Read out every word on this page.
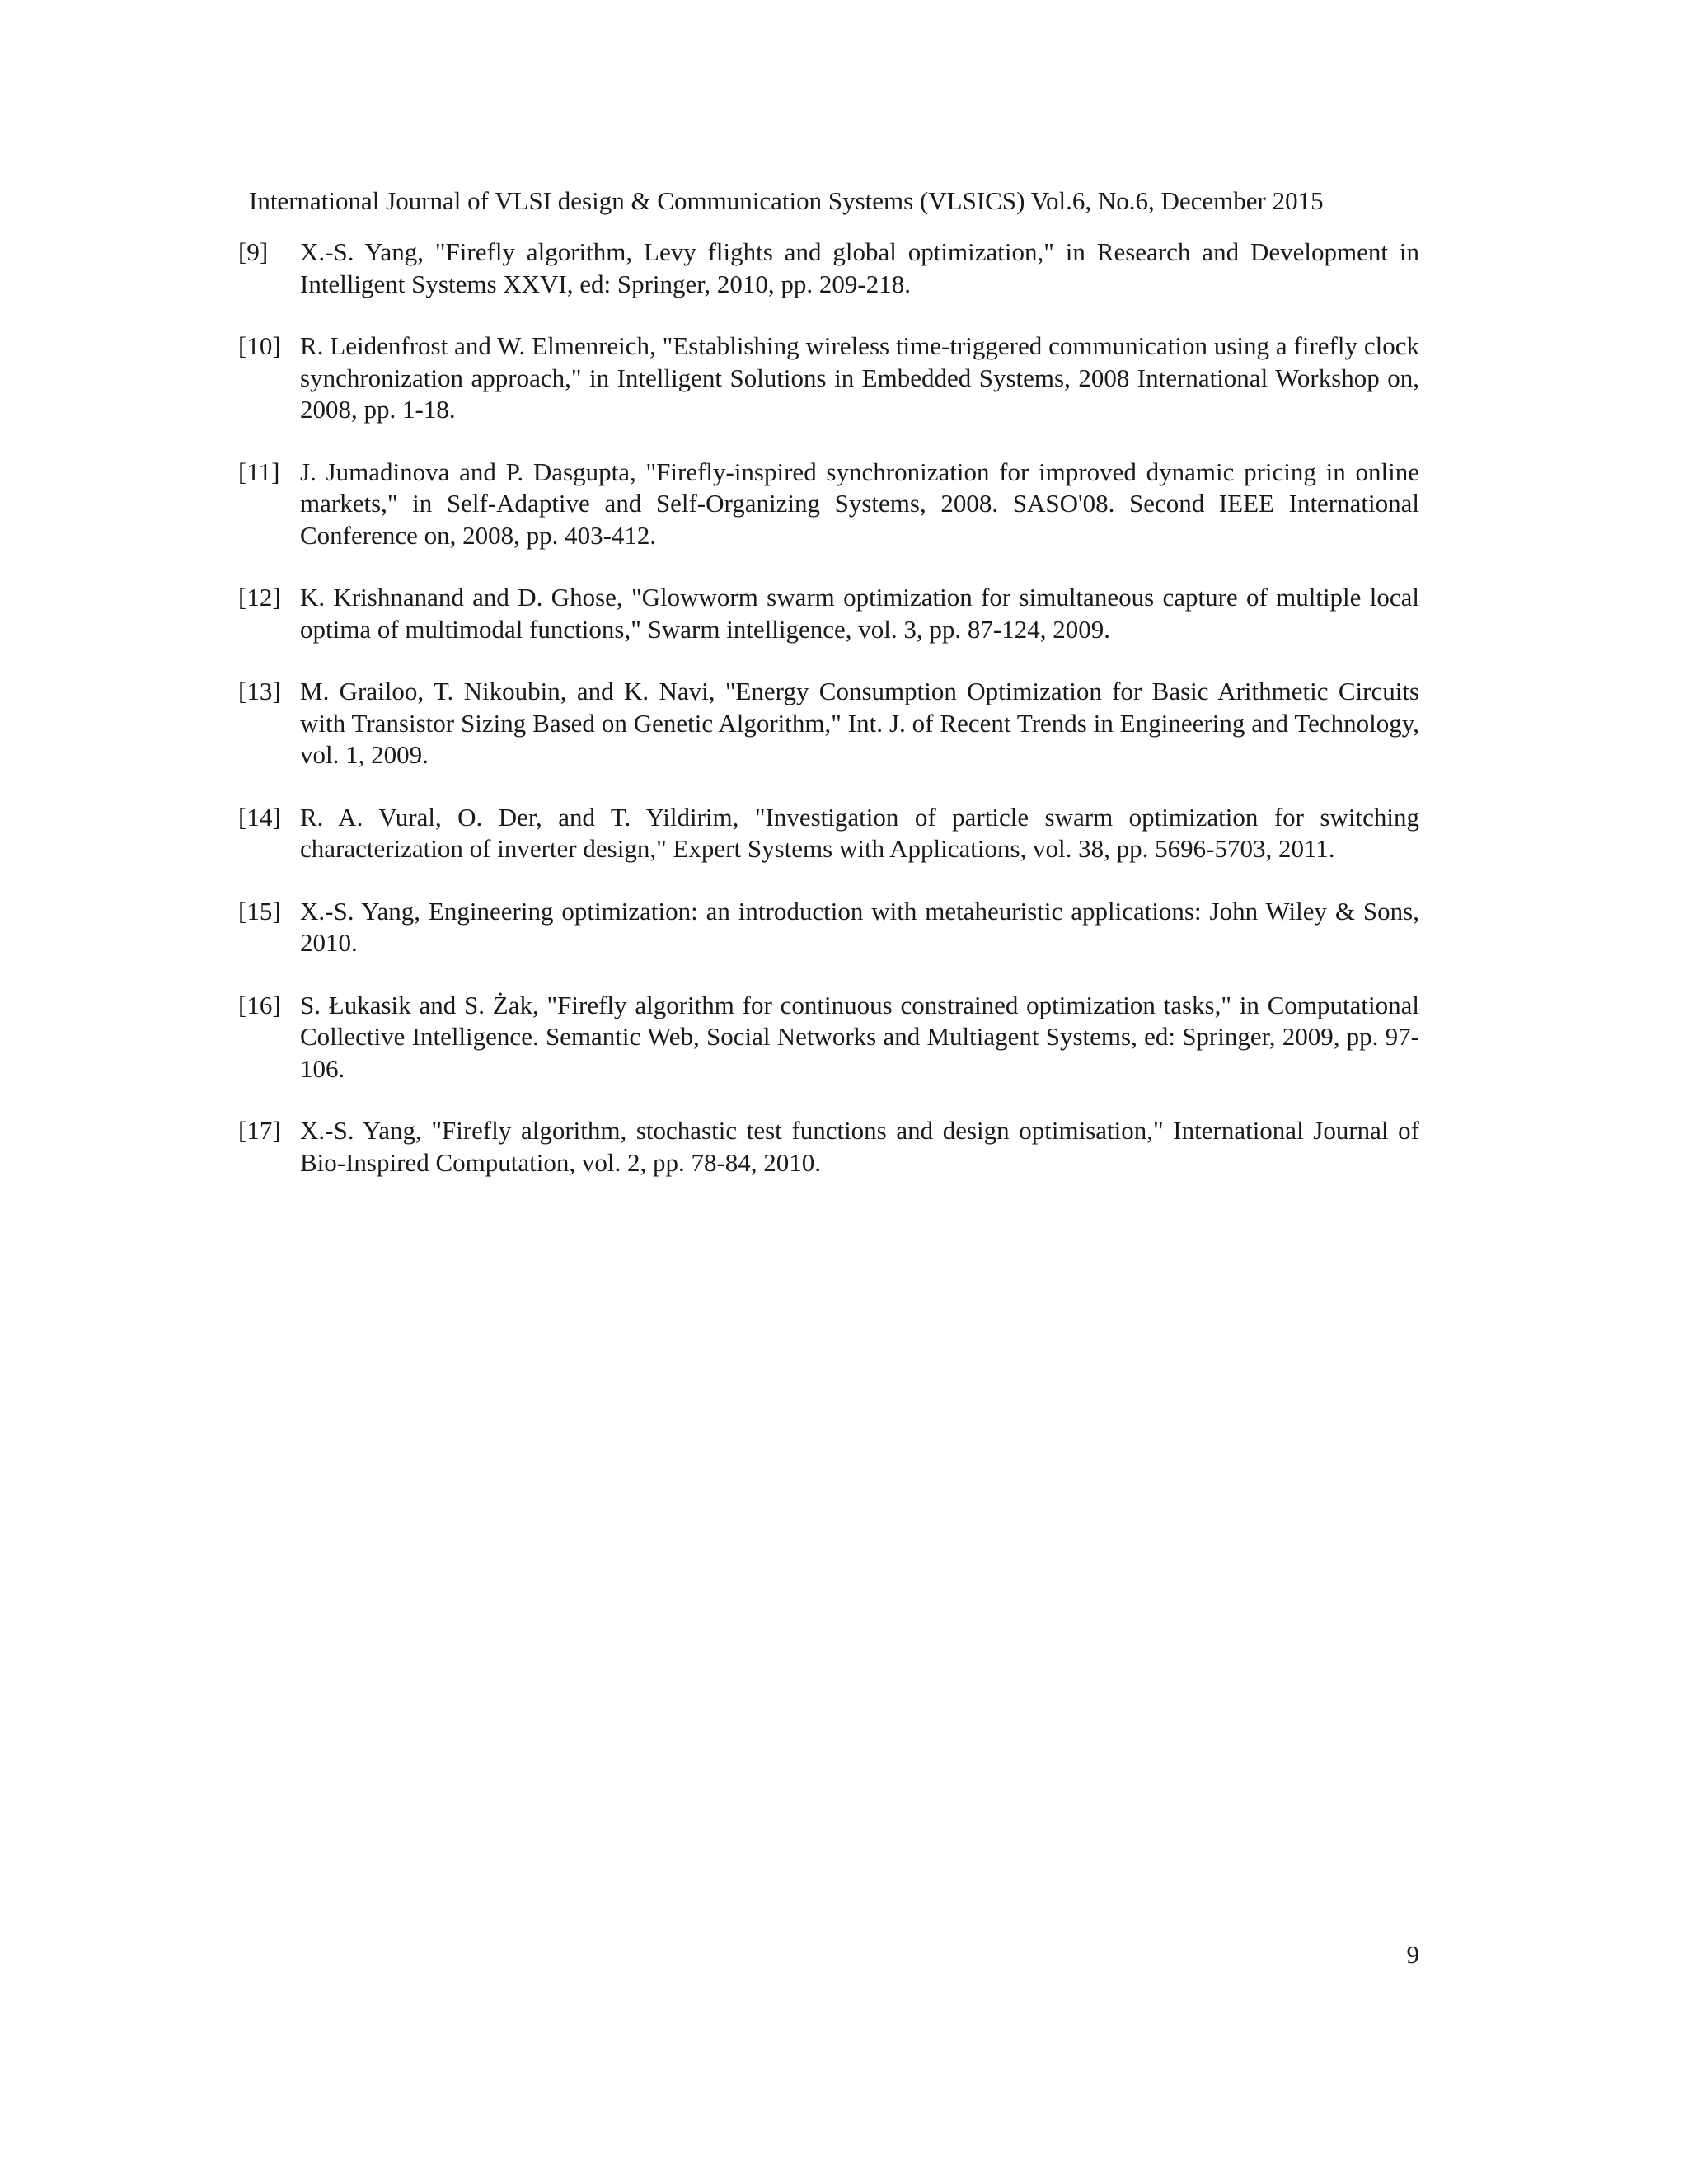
International Journal of VLSI design & Communication Systems (VLSICS) Vol.6, No.6, December 2015
[9] X.-S. Yang, "Firefly algorithm, Levy flights and global optimization," in Research and Development in Intelligent Systems XXVI, ed: Springer, 2010, pp. 209-218.
[10] R. Leidenfrost and W. Elmenreich, "Establishing wireless time-triggered communication using a firefly clock synchronization approach," in Intelligent Solutions in Embedded Systems, 2008 International Workshop on, 2008, pp. 1-18.
[11] J. Jumadinova and P. Dasgupta, "Firefly-inspired synchronization for improved dynamic pricing in online markets," in Self-Adaptive and Self-Organizing Systems, 2008. SASO'08. Second IEEE International Conference on, 2008, pp. 403-412.
[12] K. Krishnanand and D. Ghose, "Glowworm swarm optimization for simultaneous capture of multiple local optima of multimodal functions," Swarm intelligence, vol. 3, pp. 87-124, 2009.
[13] M. Grailoo, T. Nikoubin, and K. Navi, "Energy Consumption Optimization for Basic Arithmetic Circuits with Transistor Sizing Based on Genetic Algorithm," Int. J. of Recent Trends in Engineering and Technology, vol. 1, 2009.
[14] R. A. Vural, O. Der, and T. Yildirim, "Investigation of particle swarm optimization for switching characterization of inverter design," Expert Systems with Applications, vol. 38, pp. 5696-5703, 2011.
[15] X.-S. Yang, Engineering optimization: an introduction with metaheuristic applications: John Wiley & Sons, 2010.
[16] S. Łukasik and S. Żak, "Firefly algorithm for continuous constrained optimization tasks," in Computational Collective Intelligence. Semantic Web, Social Networks and Multiagent Systems, ed: Springer, 2009, pp. 97-106.
[17] X.-S. Yang, "Firefly algorithm, stochastic test functions and design optimisation," International Journal of Bio-Inspired Computation, vol. 2, pp. 78-84, 2010.
9
